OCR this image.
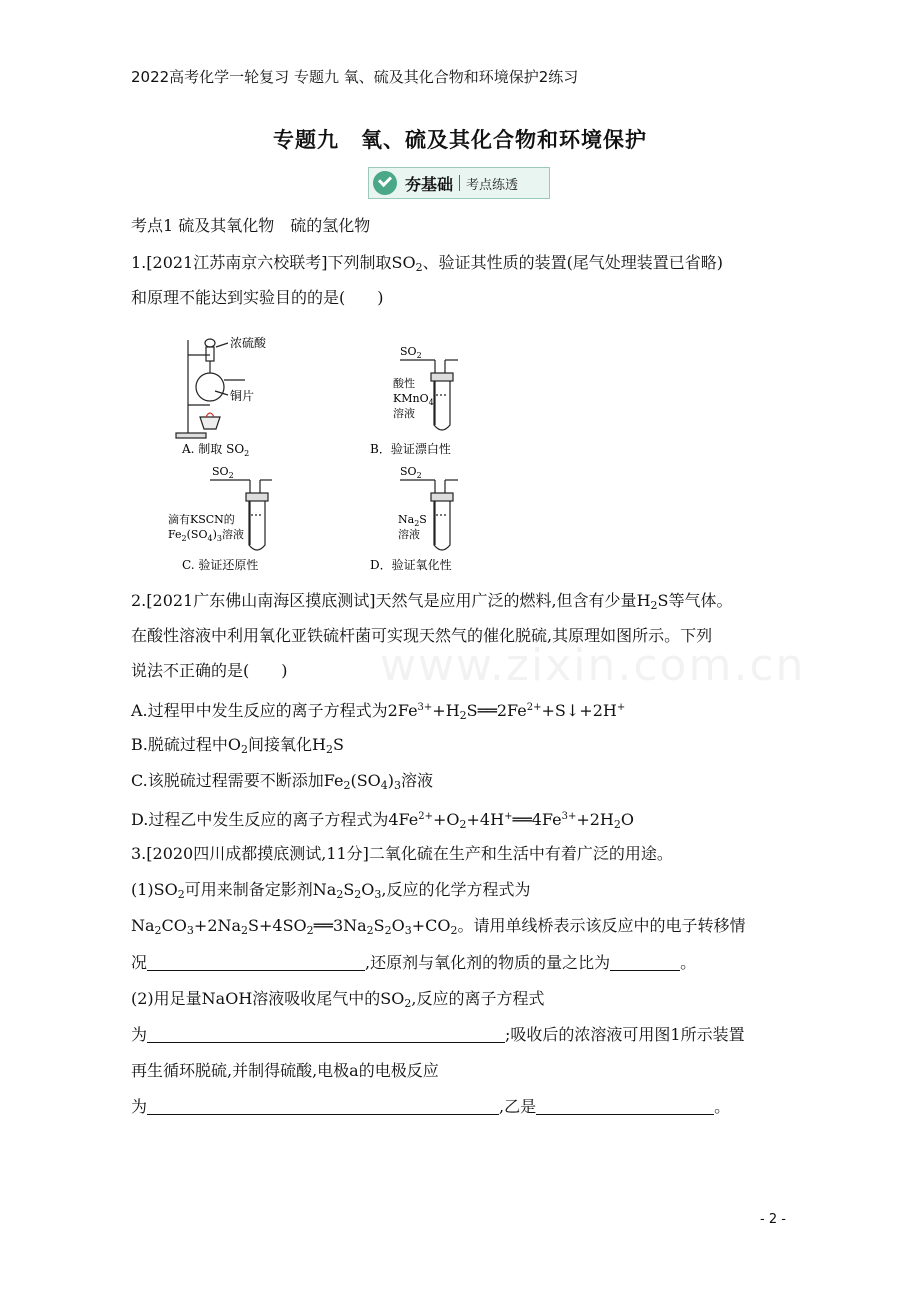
2022高考化学一轮复习 专题九 氧、硫及其化合物和环境保护2练习
专题九　氧、硫及其化合物和环境保护
夯基础 考点练透
考点1 硫及其氧化物　硫的氢化物
1.[2021江苏南京六校联考]下列制取$SO_2$、验证其性质的装置(尾气处理装置已省略)
和原理不能达到实验目的的是(　　)
浓硫酸
铜片
A. 制取 $SO_2$
$SO_2$
酸性
KMnO$_4$
溶液
B．验证漂白性
$SO_2$
滴有KSCN的
$Fe_2(SO_4)_3$溶液
C. 验证还原性
$SO_2$
$Na_2S$
溶液
D．验证氧化性
2.[2021广东佛山南海区摸底测试]天然气是应用广泛的燃料,但含有少量$H_2S$等气体。
在酸性溶液中利用氧化亚铁硫杆菌可实现天然气的催化脱硫,其原理如图所示。下列
说法不正确的是(　　)
A.过程甲中发生反应的离子方程式为$2Fe^{3+}+H_2S══2Fe^{2+}+S↓+2H^+$
B.脱硫过程中$O_2$间接氧化$H_2S$
C.该脱硫过程需要不断添加$Fe_2(SO_4)_3$溶液
D.过程乙中发生反应的离子方程式为$4Fe^{2+}+O_2+4H^+══4Fe^{3+}+2H_2O$
3.[2020四川成都摸底测试,11分]二氧化硫在生产和生活中有着广泛的用途。
$(1)SO_2$可用来制备定影剂$Na_2S_2O_3$,反应的化学方程式为
$Na_2CO_3+2Na_2S+4SO_2══3Na_2S_2O_3+CO_2$。请用单线桥表示该反应中的电子转移情
况	,还原剂与氧化剂的物质的量之比为	。
(2)用足量NaOH溶液吸收尾气中的$SO_2$,反应的离子方程式
为	;吸收后的浓溶液可用图1所示装置
再生循环脱硫,并制得硫酸,电极a的电极反应
为	,乙是	。
www.zixin.com.cn
- 2 -
